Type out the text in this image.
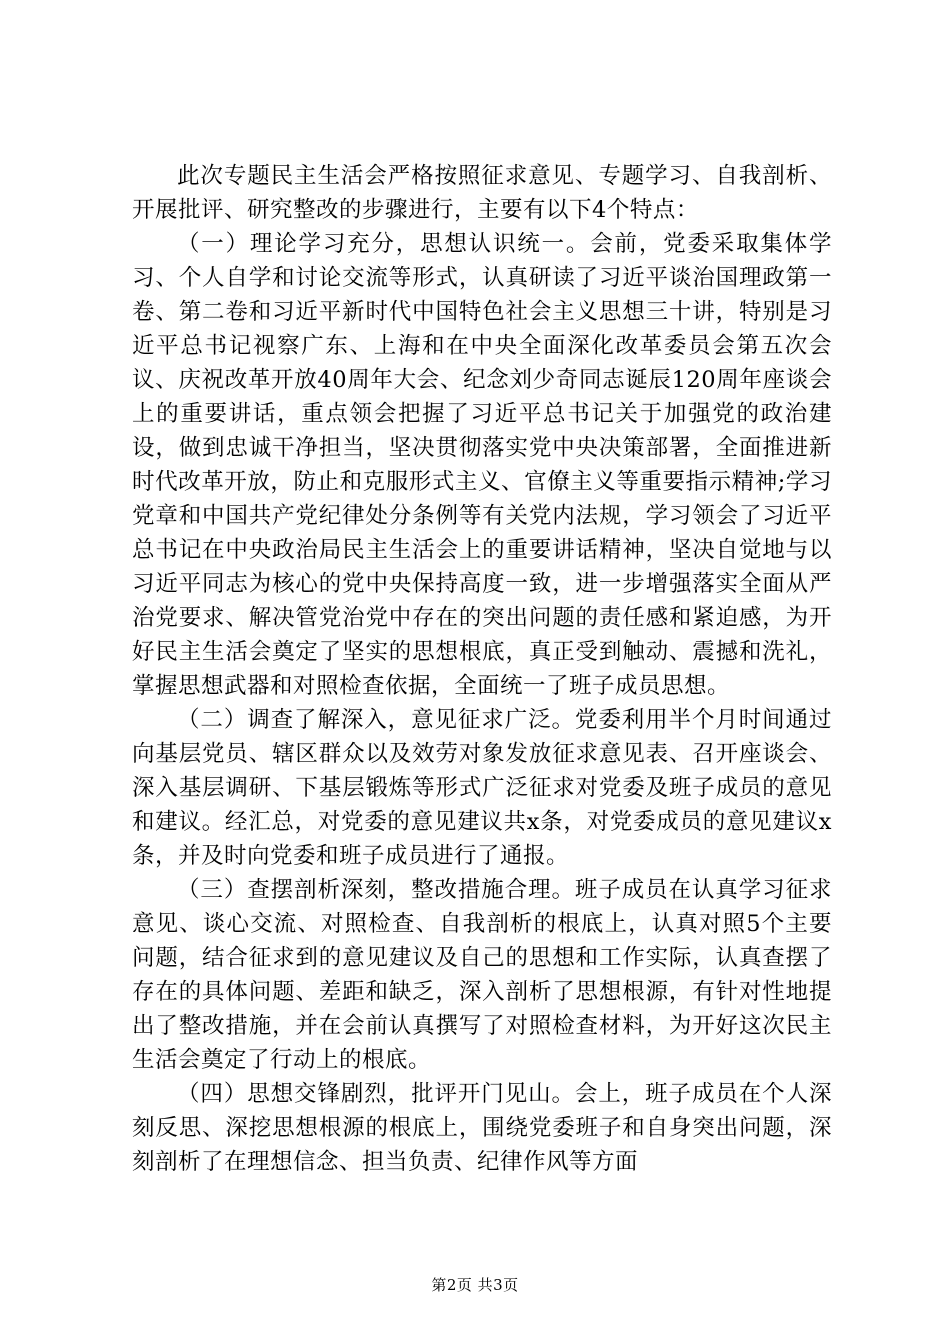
此次专题民主生活会严格按照征求意见、专题学习、自我剖析、开展批评、研究整改的步骤进行，主要有以下4个特点：

（一）理论学习充分，思想认识统一。会前，党委采取集体学习、个人自学和讨论交流等形式，认真研读了习近平谈治国理政第一卷、第二卷和习近平新时代中国特色社会主义思想三十讲，特别是习近平总书记视察广东、上海和在中央全面深化改革委员会第五次会议、庆祝改革开放40周年大会、纪念刘少奇同志诞辰120周年座谈会上的重要讲话，重点领会把握了习近平总书记关于加强党的政治建设，做到忠诚干净担当，坚决贯彻落实党中央决策部署，全面推进新时代改革开放，防止和克服形式主义、官僚主义等重要指示精神;学习党章和中国共产党纪律处分条例等有关党内法规，学习领会了习近平总书记在中央政治局民主生活会上的重要讲话精神，坚决自觉地与以习近平同志为核心的党中央保持高度一致，进一步增强落实全面从严治党要求、解决管党治党中存在的突出问题的责任感和紧迫感，为开好民主生活会奠定了坚实的思想根底，真正受到触动、震撼和洗礼，掌握思想武器和对照检查依据，全面统一了班子成员思想。

（二）调查了解深入，意见征求广泛。党委利用半个月时间通过向基层党员、辖区群众以及效劳对象发放征求意见表、召开座谈会、深入基层调研、下基层锻炼等形式广泛征求对党委及班子成员的意见和建议。经汇总，对党委的意见建议共x条，对党委成员的意见建议x条，并及时向党委和班子成员进行了通报。

（三）查摆剖析深刻，整改措施合理。班子成员在认真学习征求意见、谈心交流、对照检查、自我剖析的根底上，认真对照5个主要问题，结合征求到的意见建议及自己的思想和工作实际，认真查摆了存在的具体问题、差距和缺乏，深入剖析了思想根源，有针对性地提出了整改措施，并在会前认真撰写了对照检查材料，为开好这次民主生活会奠定了行动上的根底。

（四）思想交锋剧烈，批评开门见山。会上，班子成员在个人深刻反思、深挖思想根源的根底上，围绕党委班子和自身突出问题，深刻剖析了在理想信念、担当负责、纪律作风等方面

第2页 共3页
